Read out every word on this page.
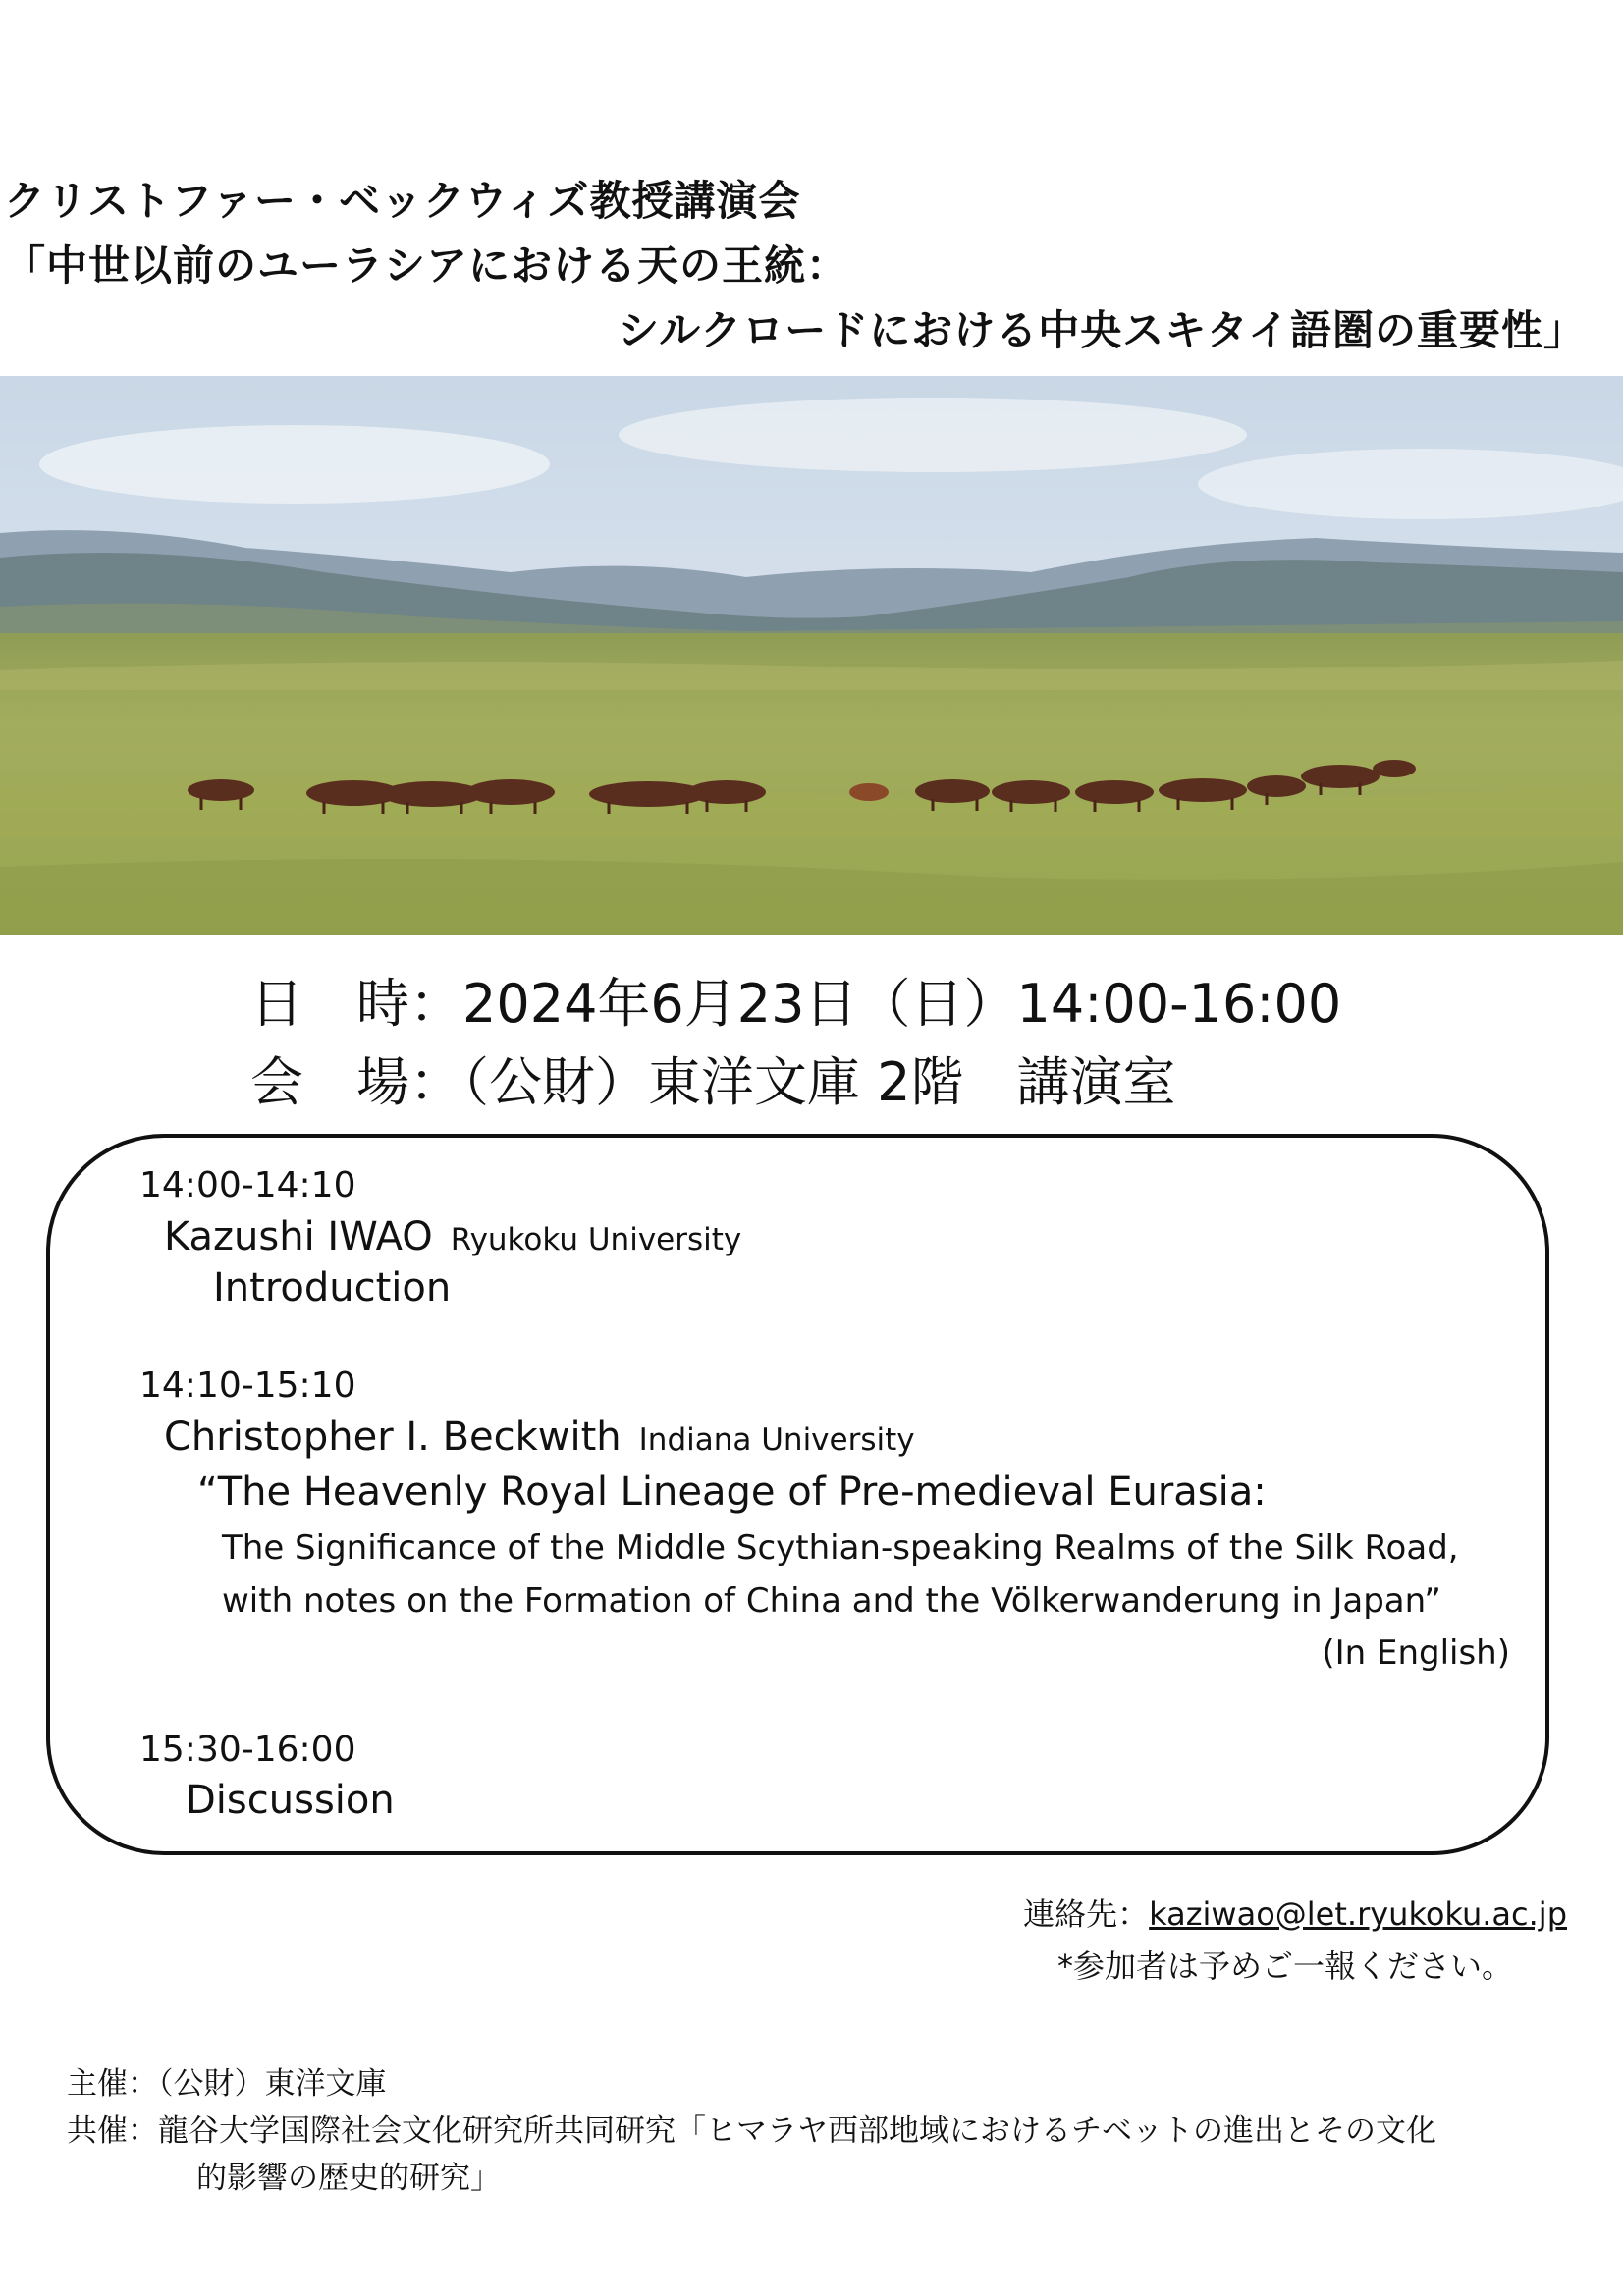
クリストファー・ベックウィズ教授講演会
「中世以前のユーラシアにおける天の王統：
シルクロードにおける中央スキタイ語圏の重要性」
日　時：2024年6月23日（日）14:00-16:00
会　場：（公財）東洋文庫 2階　講演室
14:00-14:10
Kazushi IWAO Ryukoku University
Introduction
14:10-15:10
Christopher I. Beckwith Indiana University
“The Heavenly Royal Lineage of Pre-medieval Eurasia:
The Significance of the Middle Scythian-speaking Realms of the Silk Road,
with notes on the Formation of China and the Völkerwanderung in Japan”
(In English)
15:30-16:00
Discussion
連絡先：kaziwao@let.ryukoku.ac.jp
*参加者は予めご一報ください。
主催：（公財）東洋文庫
共催：龍谷大学国際社会文化研究所共同研究「ヒマラヤ西部地域におけるチベットの進出とその文化
的影響の歴史的研究」
